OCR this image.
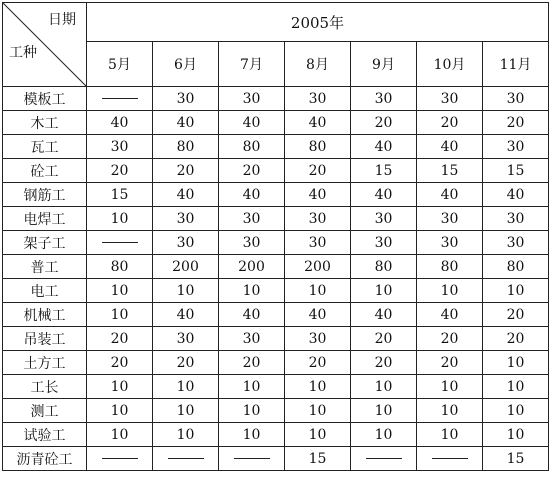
日期
工种	2005年						
	5月	6月	7月	8月	9月	10月	11月
模板工		30	30	30	30	30	30
木工	40	40	40	40	20	20	20
瓦工	30	80	80	80	40	40	30
砼工	20	20	20	20	15	15	15
钢筋工	15	40	40	40	40	40	40
电焊工	10	30	30	30	30	30	30
架子工		30	30	30	30	30	30
普工	80	200	200	200	80	80	80
电工	10	10	10	10	10	10	10
机械工	10	40	40	40	40	40	20
吊装工	20	30	30	30	20	20	20
土方工	20	20	20	20	20	20	10
工长	10	10	10	10	10	10	10
测工	10	10	10	10	10	10	10
试验工	10	10	10	10	10	10	10
沥青砼工				15			15
